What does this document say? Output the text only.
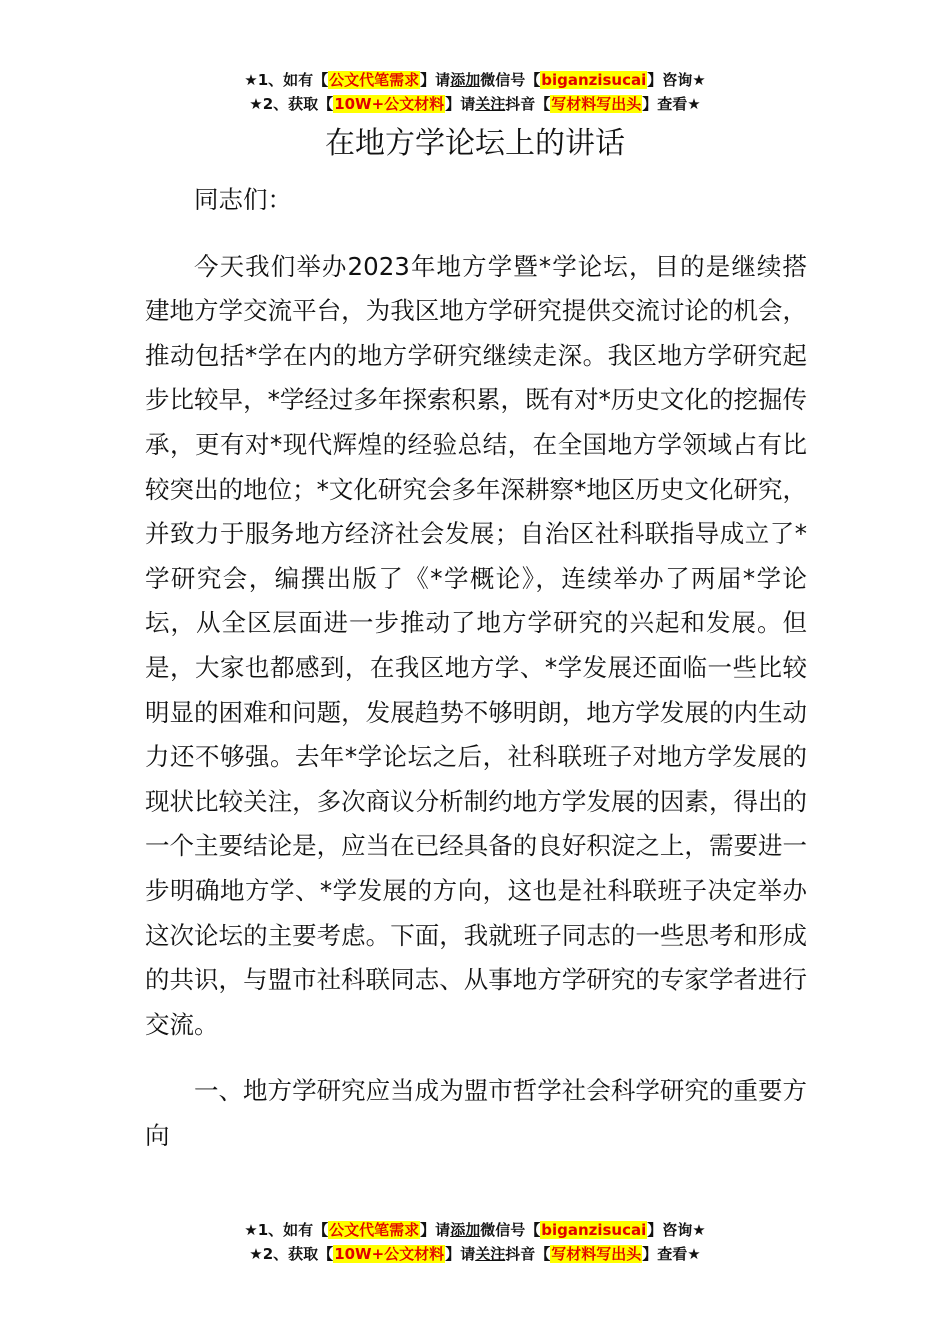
★1、如有【公文代笔需求】请添加微信号【biganzisucai】咨询★
★2、获取【10W+公文材料】请关注抖音【写材料写出头】查看★
在地方学论坛上的讲话

同志们：

今天我们举办2023年地方学暨*学论坛，目的是继续搭建地方学交流平台，为我区地方学研究提供交流讨论的机会，推动包括*学在内的地方学研究继续走深。我区地方学研究起步比较早，*学经过多年探索积累，既有对*历史文化的挖掘传承，更有对*现代辉煌的经验总结，在全国地方学领域占有比较突出的地位；*文化研究会多年深耕察*地区历史文化研究，并致力于服务地方经济社会发展；自治区社科联指导成立了*学研究会，编撰出版了《*学概论》，连续举办了两届*学论坛，从全区层面进一步推动了地方学研究的兴起和发展。但是，大家也都感到，在我区地方学、*学发展还面临一些比较明显的困难和问题，发展趋势不够明朗，地方学发展的内生动力还不够强。去年*学论坛之后，社科联班子对地方学发展的现状比较关注，多次商议分析制约地方学发展的因素，得出的一个主要结论是，应当在已经具备的良好积淀之上，需要进一步明确地方学、*学发展的方向，这也是社科联班子决定举办这次论坛的主要考虑。下面，我就班子同志的一些思考和形成的共识，与盟市社科联同志、从事地方学研究的专家学者进行交流。

一、地方学研究应当成为盟市哲学社会科学研究的重要方向

★1、如有【公文代笔需求】请添加微信号【biganzisucai】咨询★
★2、获取【10W+公文材料】请关注抖音【写材料写出头】查看★
